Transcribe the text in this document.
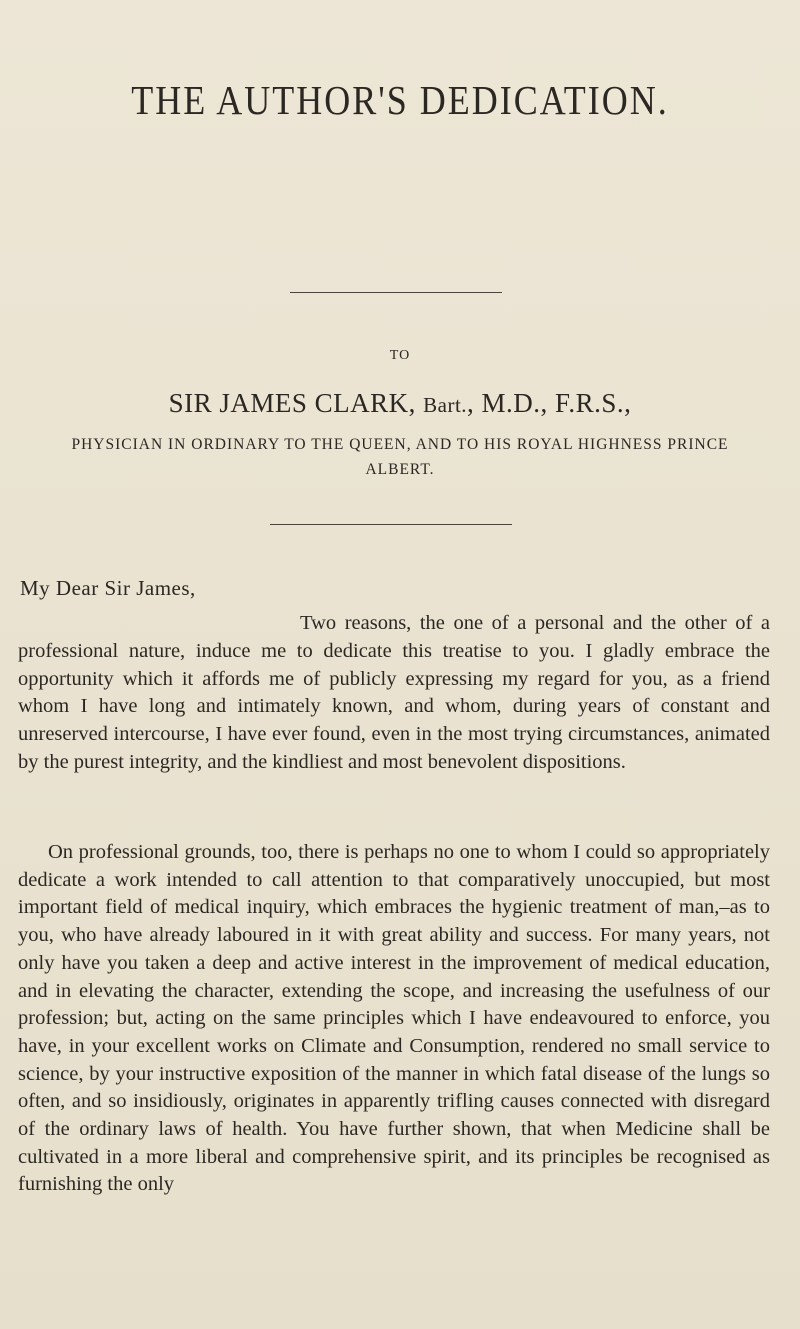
THE AUTHOR'S DEDICATION.
TO
SIR JAMES CLARK, Bart., M.D., F.R.S.,
PHYSICIAN IN ORDINARY TO THE QUEEN, AND TO HIS ROYAL HIGHNESS PRINCE ALBERT.
My Dear Sir James,

Two reasons, the one of a personal and the other of a professional nature, induce me to dedicate this treatise to you. I gladly embrace the opportunity which it affords me of publicly expressing my regard for you, as a friend whom I have long and intimately known, and whom, during years of constant and unreserved intercourse, I have ever found, even in the most trying circumstances, animated by the purest integrity, and the kindliest and most benevolent dispositions.

On professional grounds, too, there is perhaps no one to whom I could so appropriately dedicate a work intended to call attention to that comparatively unoccupied, but most important field of medical inquiry, which embraces the hygienic treatment of man,–as to you, who have already laboured in it with great ability and success. For many years, not only have you taken a deep and active interest in the improvement of medical education, and in elevating the character, extending the scope, and increasing the usefulness of our profession; but, acting on the same principles which I have endeavoured to enforce, you have, in your excellent works on Climate and Consumption, rendered no small service to science, by your instructive exposition of the manner in which fatal disease of the lungs so often, and so insidiously, originates in apparently trifling causes connected with disregard of the ordinary laws of health. You have further shown, that when Medicine shall be cultivated in a more liberal and comprehensive spirit, and its principles be recognised as furnishing the only
